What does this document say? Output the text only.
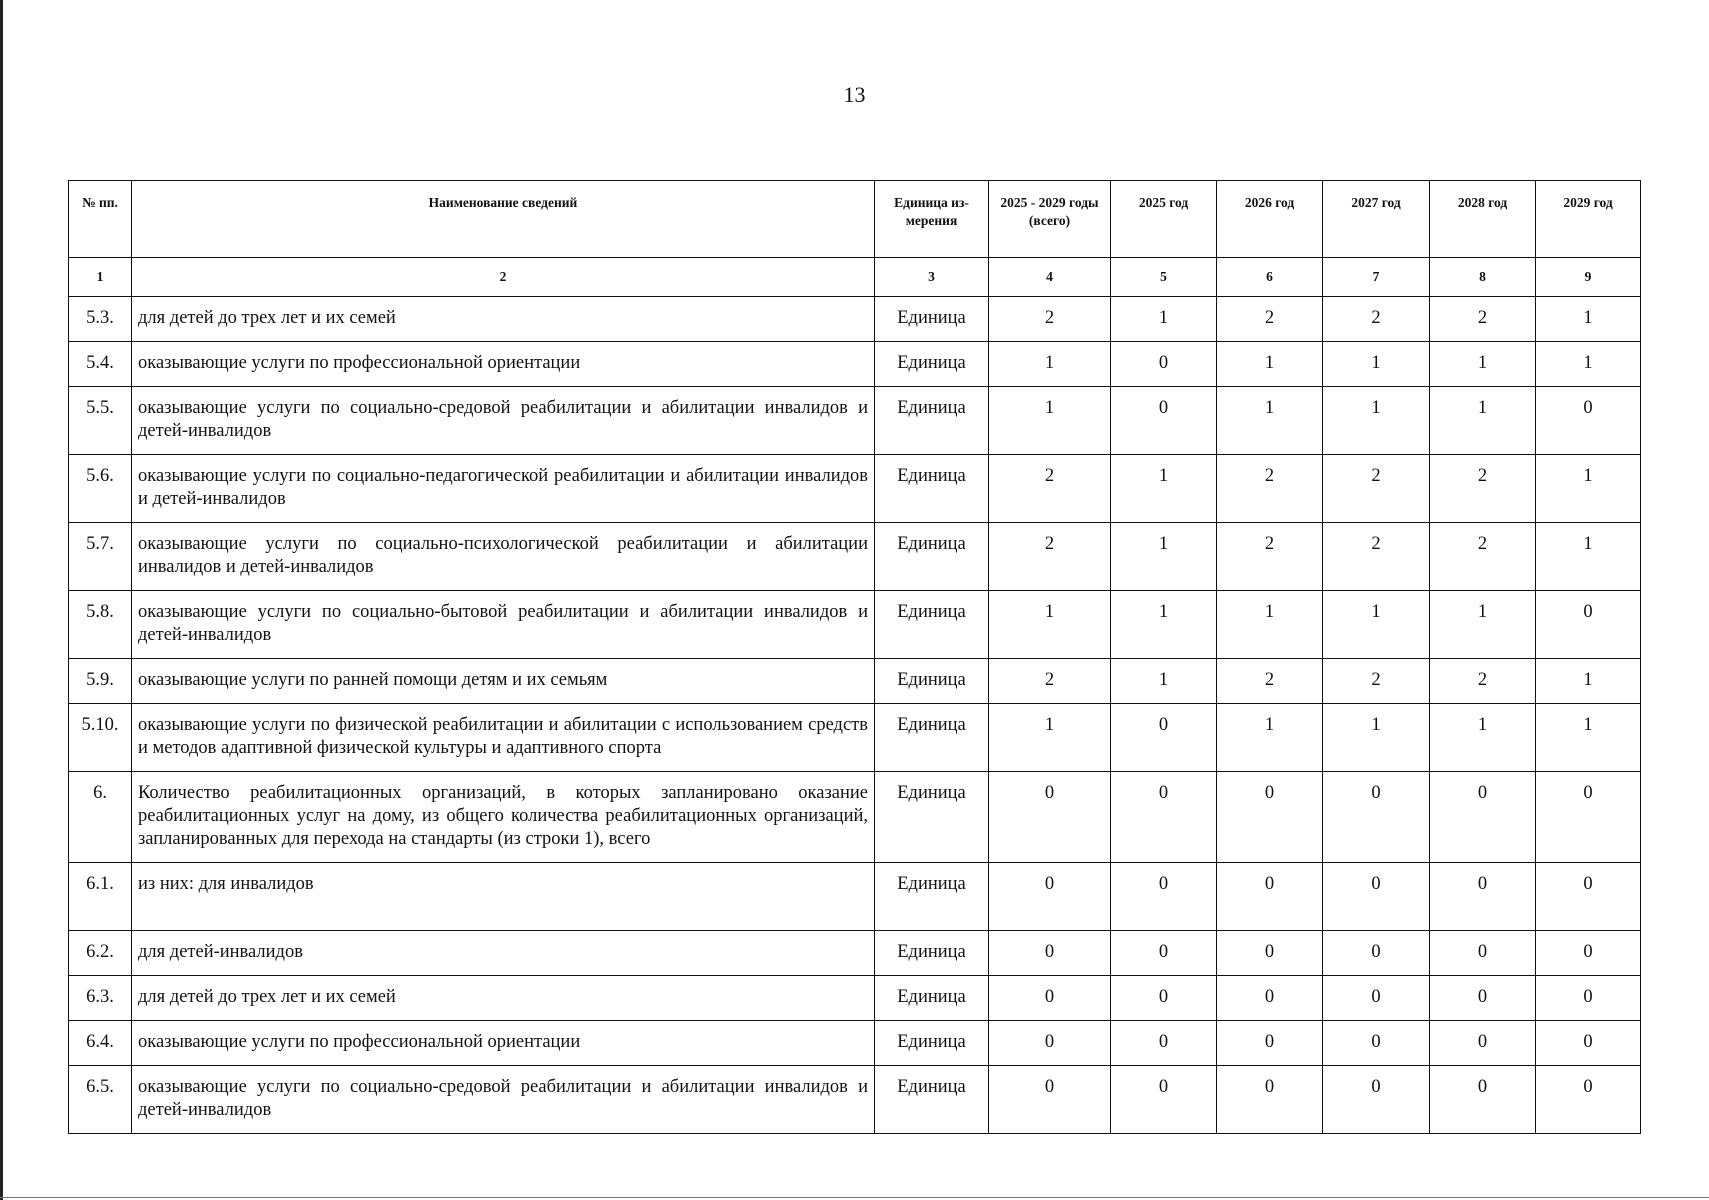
13
№ пп.	Наименование сведений	Единица из-мерения	2025 - 2029 годы (всего)	2025 год	2026 год	2027 год	2028 год	2029 год
1	2	3	4	5	6	7	8	9
5.3.	для детей до трех лет и их семей	Единица	2	1	2	2	2	1
5.4.	оказывающие услуги по профессиональной ориентации	Единица	1	0	1	1	1	1
5.5.	оказывающие услуги по социально-средовой реабилитации и абилитации инвалидов и детей-инвалидов	Единица	1	0	1	1	1	0
5.6.	оказывающие услуги по социально-педагогической реабилитации и абилитации инвалидов и детей-инвалидов	Единица	2	1	2	2	2	1
5.7.	оказывающие услуги по социально-психологической реабилитации и абилитации инвалидов и детей-инвалидов	Единица	2	1	2	2	2	1
5.8.	оказывающие услуги по социально-бытовой реабилитации и абилитации инвалидов и детей-инвалидов	Единица	1	1	1	1	1	0
5.9.	оказывающие услуги по ранней помощи детям и их семьям	Единица	2	1	2	2	2	1
5.10.	оказывающие услуги по физической реабилитации и абилитации с использованием средств и методов адаптивной физической культуры и адаптивного спорта	Единица	1	0	1	1	1	1
6.	Количество реабилитационных организаций, в которых запланировано оказание реабилитационных услуг на дому, из общего количества реабилитационных организаций, запланированных для перехода на стандарты (из строки 1), всего	Единица	0	0	0	0	0	0
6.1.	из них: для инвалидов	Единица	0	0	0	0	0	0
6.2.	для детей-инвалидов	Единица	0	0	0	0	0	0
6.3.	для детей до трех лет и их семей	Единица	0	0	0	0	0	0
6.4.	оказывающие услуги по профессиональной ориентации	Единица	0	0	0	0	0	0
6.5.	оказывающие услуги по социально-средовой реабилитации и абилитации инвалидов и детей-инвалидов	Единица	0	0	0	0	0	0
